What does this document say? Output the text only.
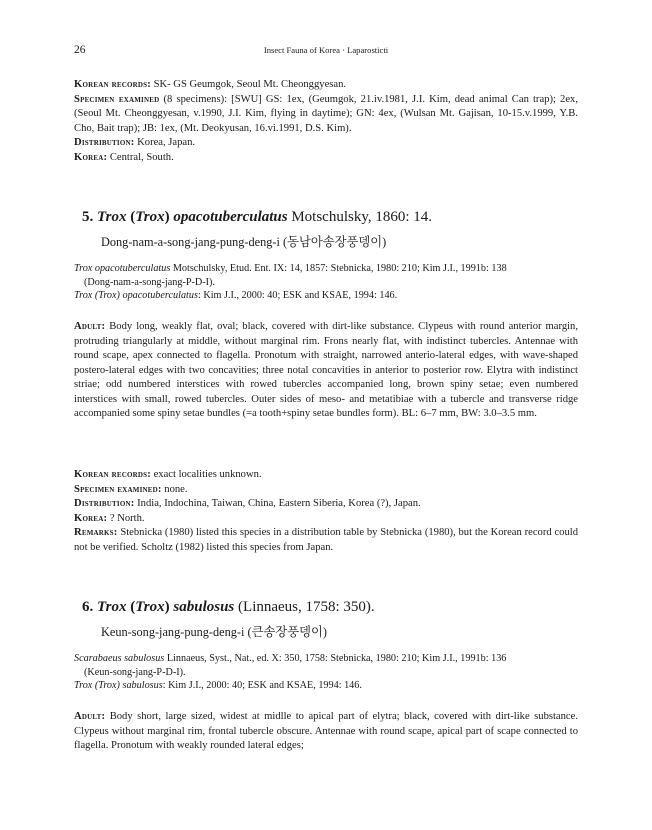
26	Insect Fauna of Korea · Laparosticti
Korean records: SK- GS Geumgok, Seoul Mt. Cheonggyesan.
Specimen examined (8 specimens): [SWU] GS: 1ex, (Geumgok, 21.iv.1981, J.I. Kim, dead animal Can trap); 2ex, (Seoul Mt. Cheonggyesan, v.1990, J.I. Kim, flying in daytime); GN: 4ex, (Wulsan Mt. Gajisan, 10-15.v.1999, Y.B. Cho, Bait trap); JB: 1ex, (Mt. Deokyusan, 16.vi.1991, D.S. Kim).
Distribution: Korea, Japan.
Korea: Central, South.
5. Trox (Trox) opacotuberculatus Motschulsky, 1860: 14.
Dong-nam-a-song-jang-pung-deng-i (동남아송장풍뎅이)
Trox opacotuberculatus Motschulsky, Etud. Ent. IX: 14, 1857: Stebnicka, 1980: 210; Kim J.I., 1991b: 138
(Dong-nam-a-song-jang-P-D-I).
Trox (Trox) opacotuberculatus: Kim J.I., 2000: 40; ESK and KSAE, 1994: 146.
Adult: Body long, weakly flat, oval; black, covered with dirt-like substance. Clypeus with round anterior margin, protruding triangularly at middle, without marginal rim. Frons nearly flat, with indistinct tubercles. Antennae with round scape, apex connected to flagella. Pronotum with straight, narrowed anterio-lateral edges, with wave-shaped postero-lateral edges with two concavities; three notal concavities in anterior to posterior row. Elytra with indistinct striae; odd numbered interstices with rowed tubercles accompanied long, brown spiny setae; even numbered interstices with small, rowed tubercles. Outer sides of meso- and metatibiae with a tubercle and transverse ridge accompanied some spiny setae bundles (=a tooth+spiny setae bundles form). BL: 6–7 mm, BW: 3.0–3.5 mm.
Korean records: exact localities unknown.
Specimen examined: none.
Distribution: India, Indochina, Taiwan, China, Eastern Siberia, Korea (?), Japan.
Korea: ? North.
Remarks: Stebnicka (1980) listed this species in a distribution table by Stebnicka (1980), but the Korean record could not be verified. Scholtz (1982) listed this species from Japan.
6. Trox (Trox) sabulosus (Linnaeus, 1758: 350).
Keun-song-jang-pung-deng-i (큰송장풍뎅이)
Scarabaeus sabulosus Linnaeus, Syst., Nat., ed. X: 350, 1758: Stebnicka, 1980: 210; Kim J.I., 1991b: 136
(Keun-song-jang-P-D-I).
Trox (Trox) sabulosus: Kim J.I., 2000: 40; ESK and KSAE, 1994: 146.
Adult: Body short, large sized, widest at midlle to apical part of elytra; black, covered with dirt-like substance. Clypeus without marginal rim, frontal tubercle obscure. Antennae with round scape, apical part of scape connected to flagella. Pronotum with weakly rounded lateral edges;
